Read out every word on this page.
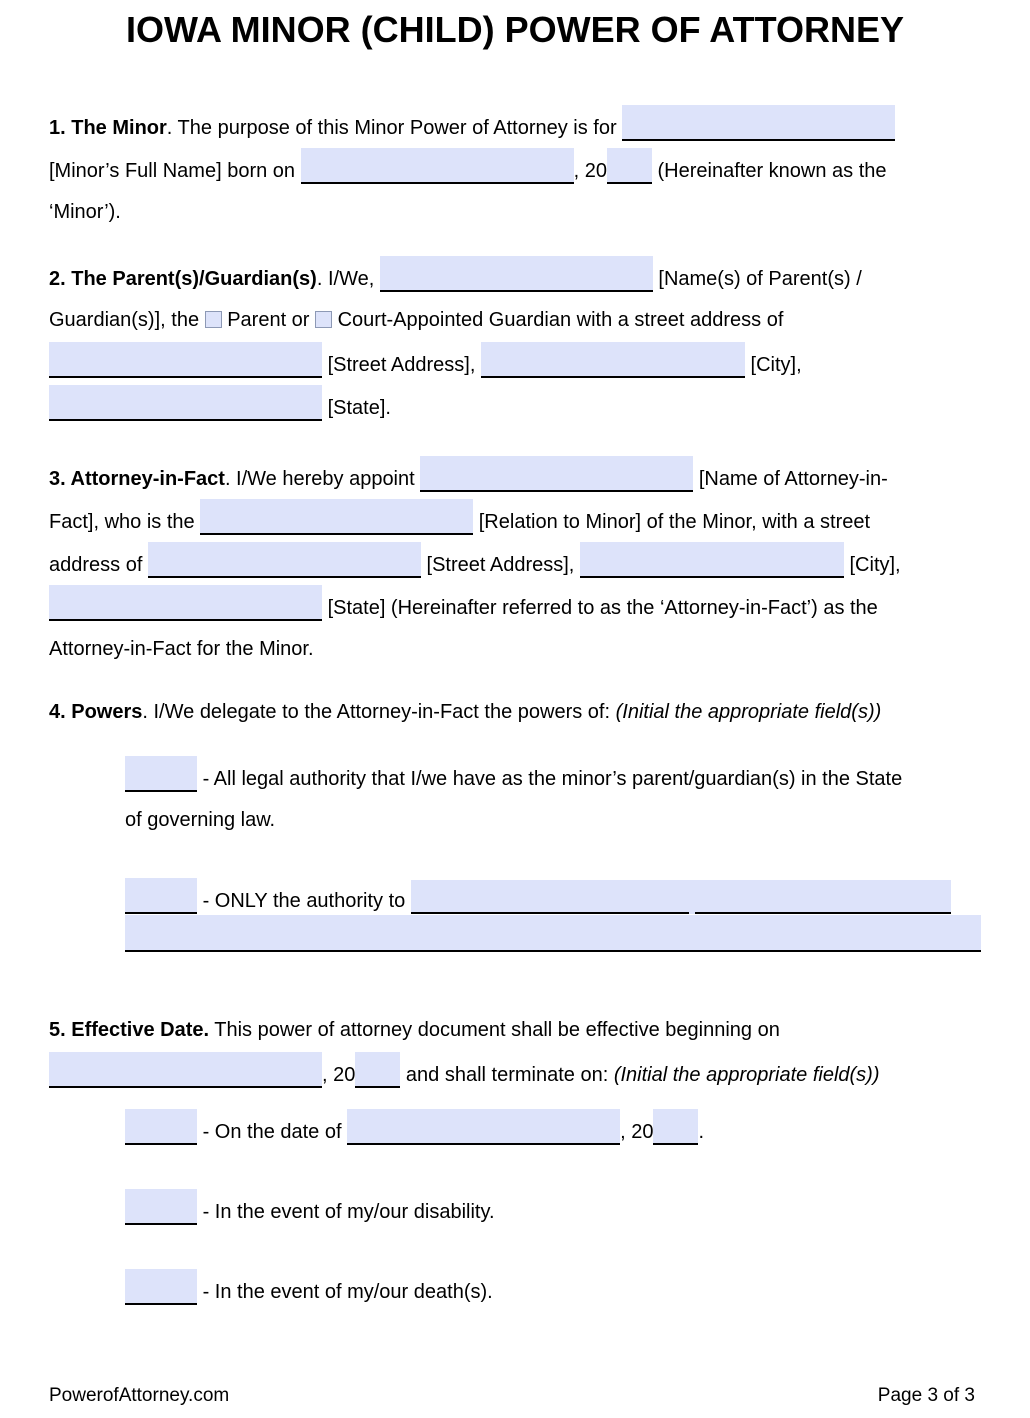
IOWA MINOR (CHILD) POWER OF ATTORNEY
1. The Minor. The purpose of this Minor Power of Attorney is for
[Minor’s Full Name] born on	, 20	(Hereinafter known as the
‘Minor’).
2. The Parent(s)/Guardian(s). I/We,	[Name(s) of Parent(s) /
Guardian(s)], the Parent or Court-Appointed Guardian with a street address of
[Street Address],	[City],
[State].
3. Attorney-in-Fact. I/We hereby appoint	[Name of Attorney-in-
Fact], who is the	[Relation to Minor] of the Minor, with a street
address of	[Street Address],	[City],
[State] (Hereinafter referred to as the ‘Attorney-in-Fact’) as the
Attorney-in-Fact for the Minor.
4. Powers. I/We delegate to the Attorney-in-Fact the powers of: (Initial the appropriate field(s))
- All legal authority that I/we have as the minor’s parent/guardian(s) in the State
of governing law.
- ONLY the authority to
5. Effective Date. This power of attorney document shall be effective beginning on
, 20 and shall terminate on: (Initial the appropriate field(s))
- On the date of	, 20 .
- In the event of my/our disability.
- In the event of my/our death(s).
PowerofAttorney.com	Page 3 of 3
